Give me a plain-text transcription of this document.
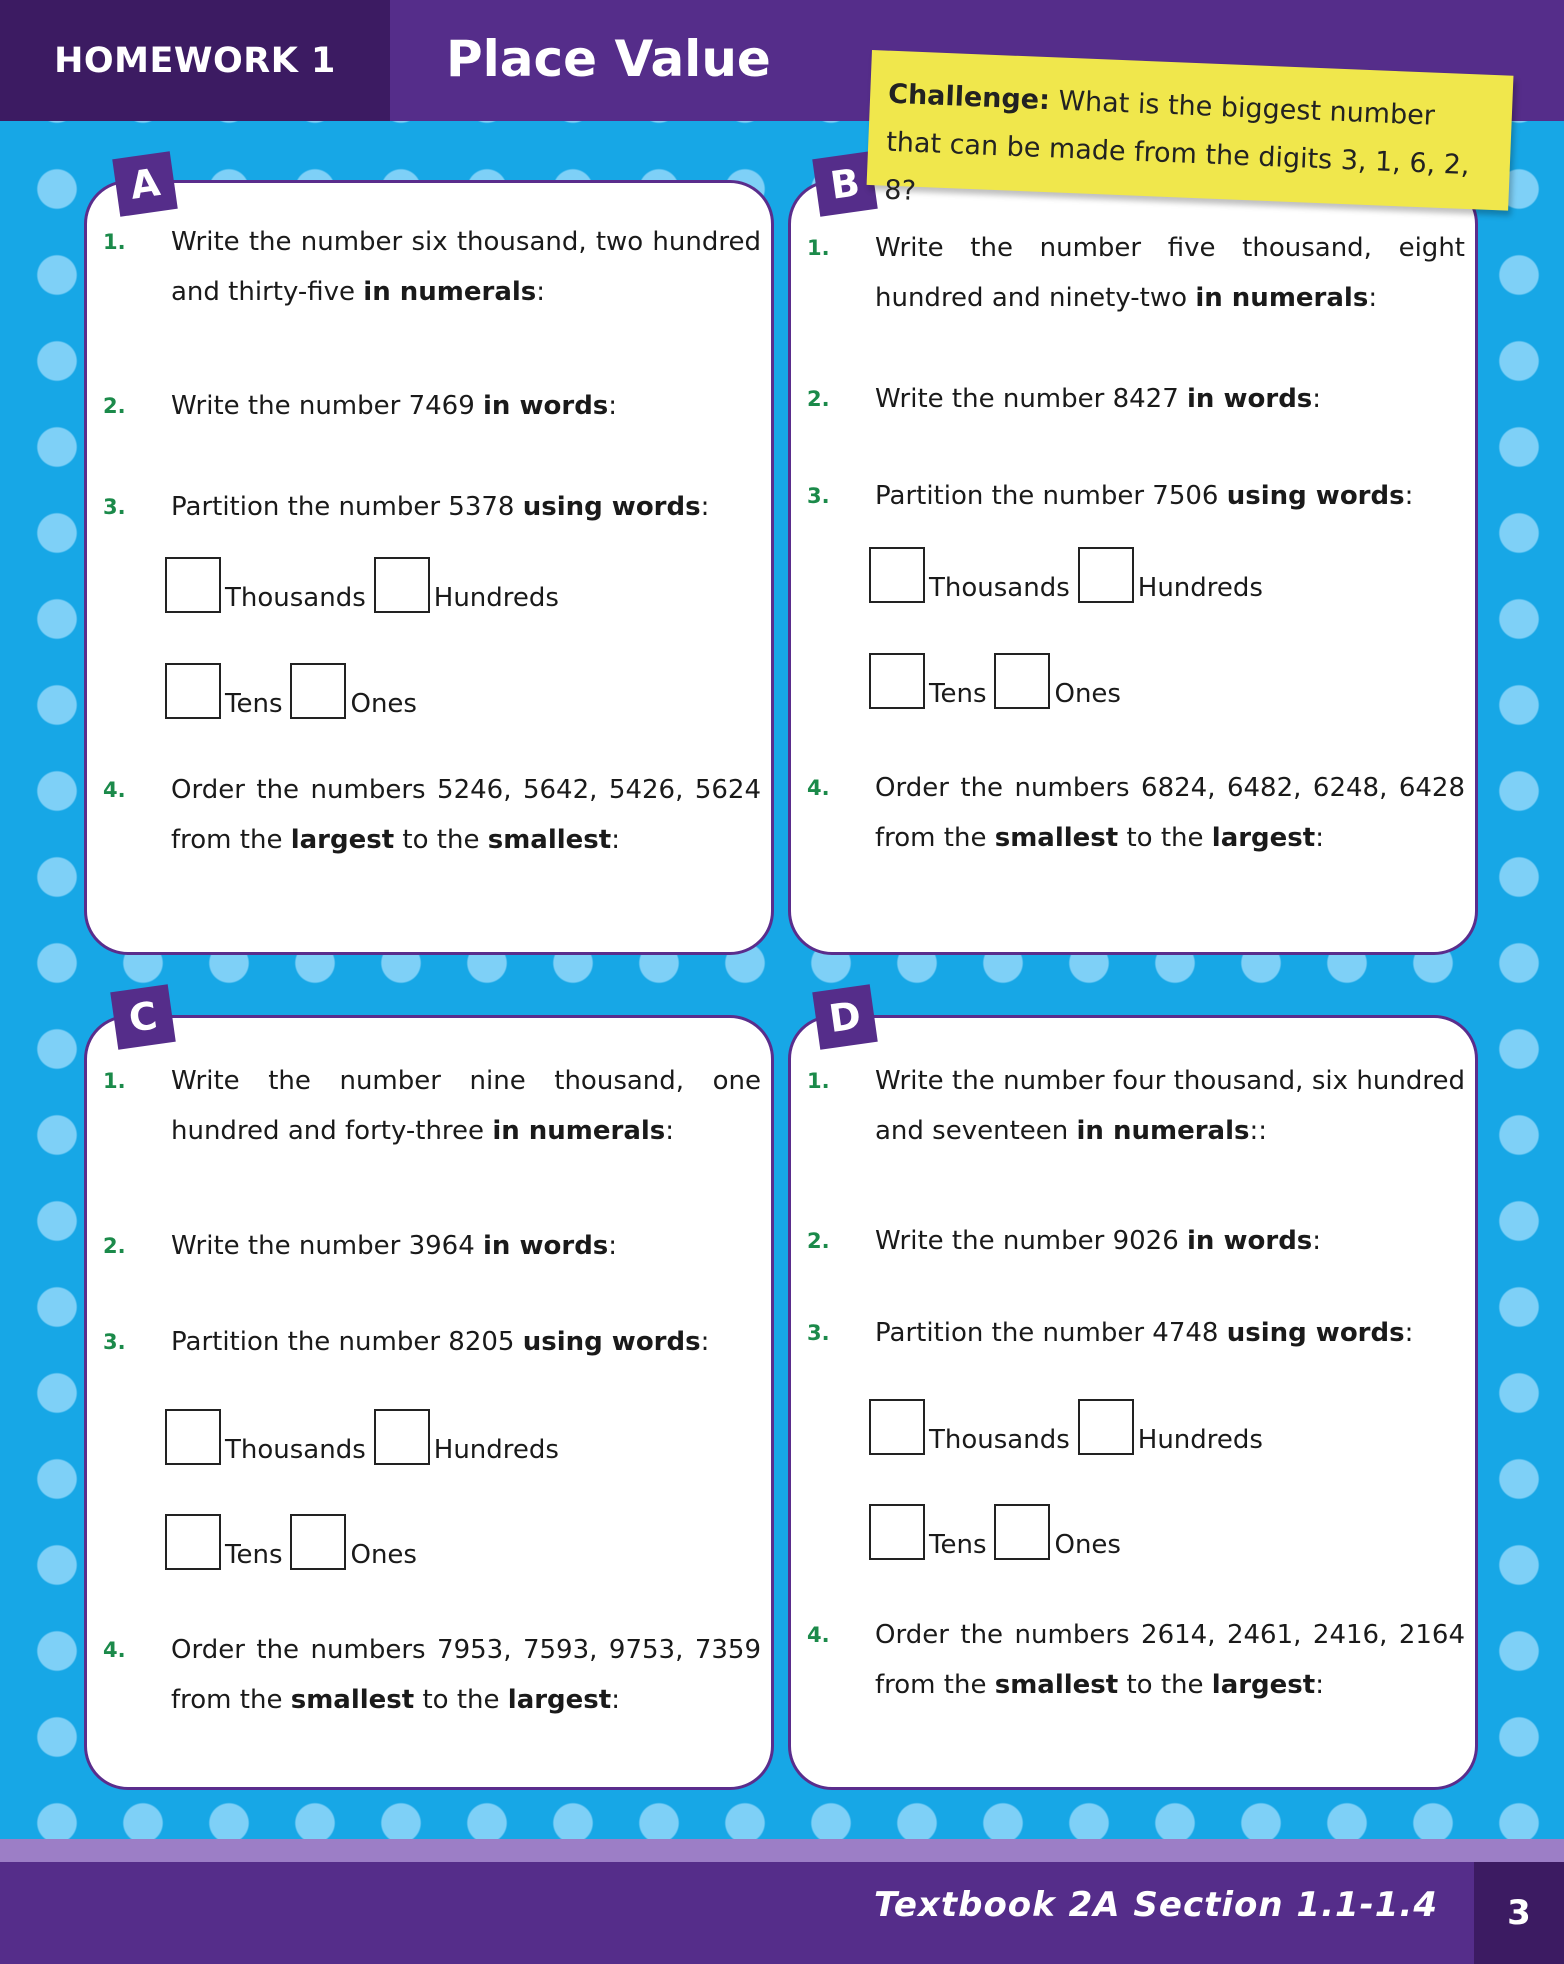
HOMEWORK 1	Place Value
1. Write the number six thousand, two hundred and thirty-five in numerals:
2. Write the number 7469 in words:
3. Partition the number 5378 using words:
Thousands	Hundreds
Tens	Ones
4. Order the numbers 5246, 5642, 5426, 5624 from the largest to the smallest:
A
1. Write the number five thousand, eight hundred and ninety-two in numerals:
2. Write the number 8427 in words:
3. Partition the number 7506 using words:
Thousands	Hundreds
Tens	Ones
4. Order the numbers 6824, 6482, 6248, 6428 from the smallest to the largest:
B
1. Write the number nine thousand, one hundred and forty-three in numerals:
2. Write the number 3964 in words:
3. Partition the number 8205 using words:
Thousands	Hundreds
Tens	Ones
4. Order the numbers 7953, 7593, 9753, 7359 from the smallest to the largest:
C
1. Write the number four thousand, six hundred and seventeen in numerals::
2. Write the number 9026 in words:
3. Partition the number 4748 using words:
Thousands	Hundreds
Tens	Ones
4. Order the numbers 2614, 2461, 2416, 2164 from the smallest to the largest:
D
Challenge: What is the biggest number that can be made from the digits 3, 1, 6, 2, 8?
Textbook 2A Section 1.1-1.4	3
